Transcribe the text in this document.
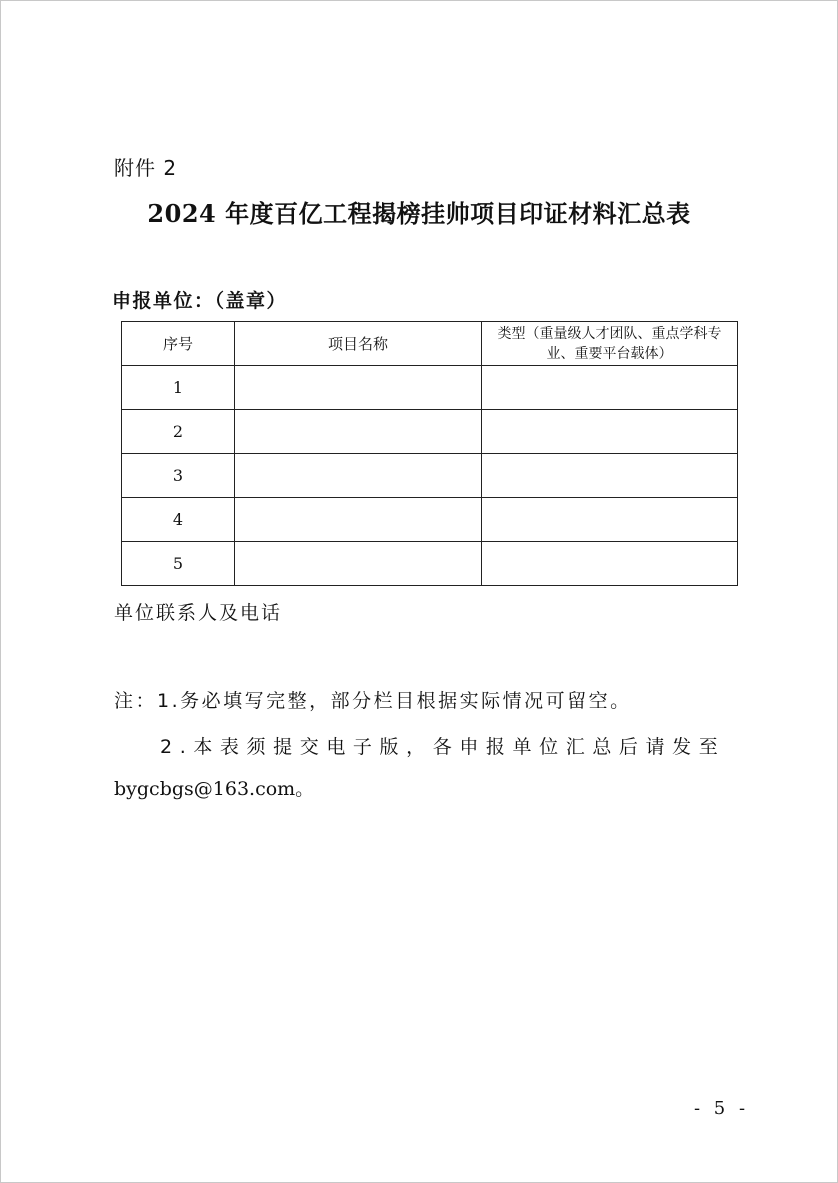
附件 2
2024 年度百亿工程揭榜挂帅项目印证材料汇总表
申报单位：（盖章）
序号	项目名称	类型（重量级人才团队、重点学科专业、重要平台载体）
1		
2		
3		
4		
5		
单位联系人及电话
注：1.务必填写完整，部分栏目根据实际情况可留空。
2.本表须提交电子版，各申报单位汇总后请发至
bygcbgs@163.com。
- 5 -
